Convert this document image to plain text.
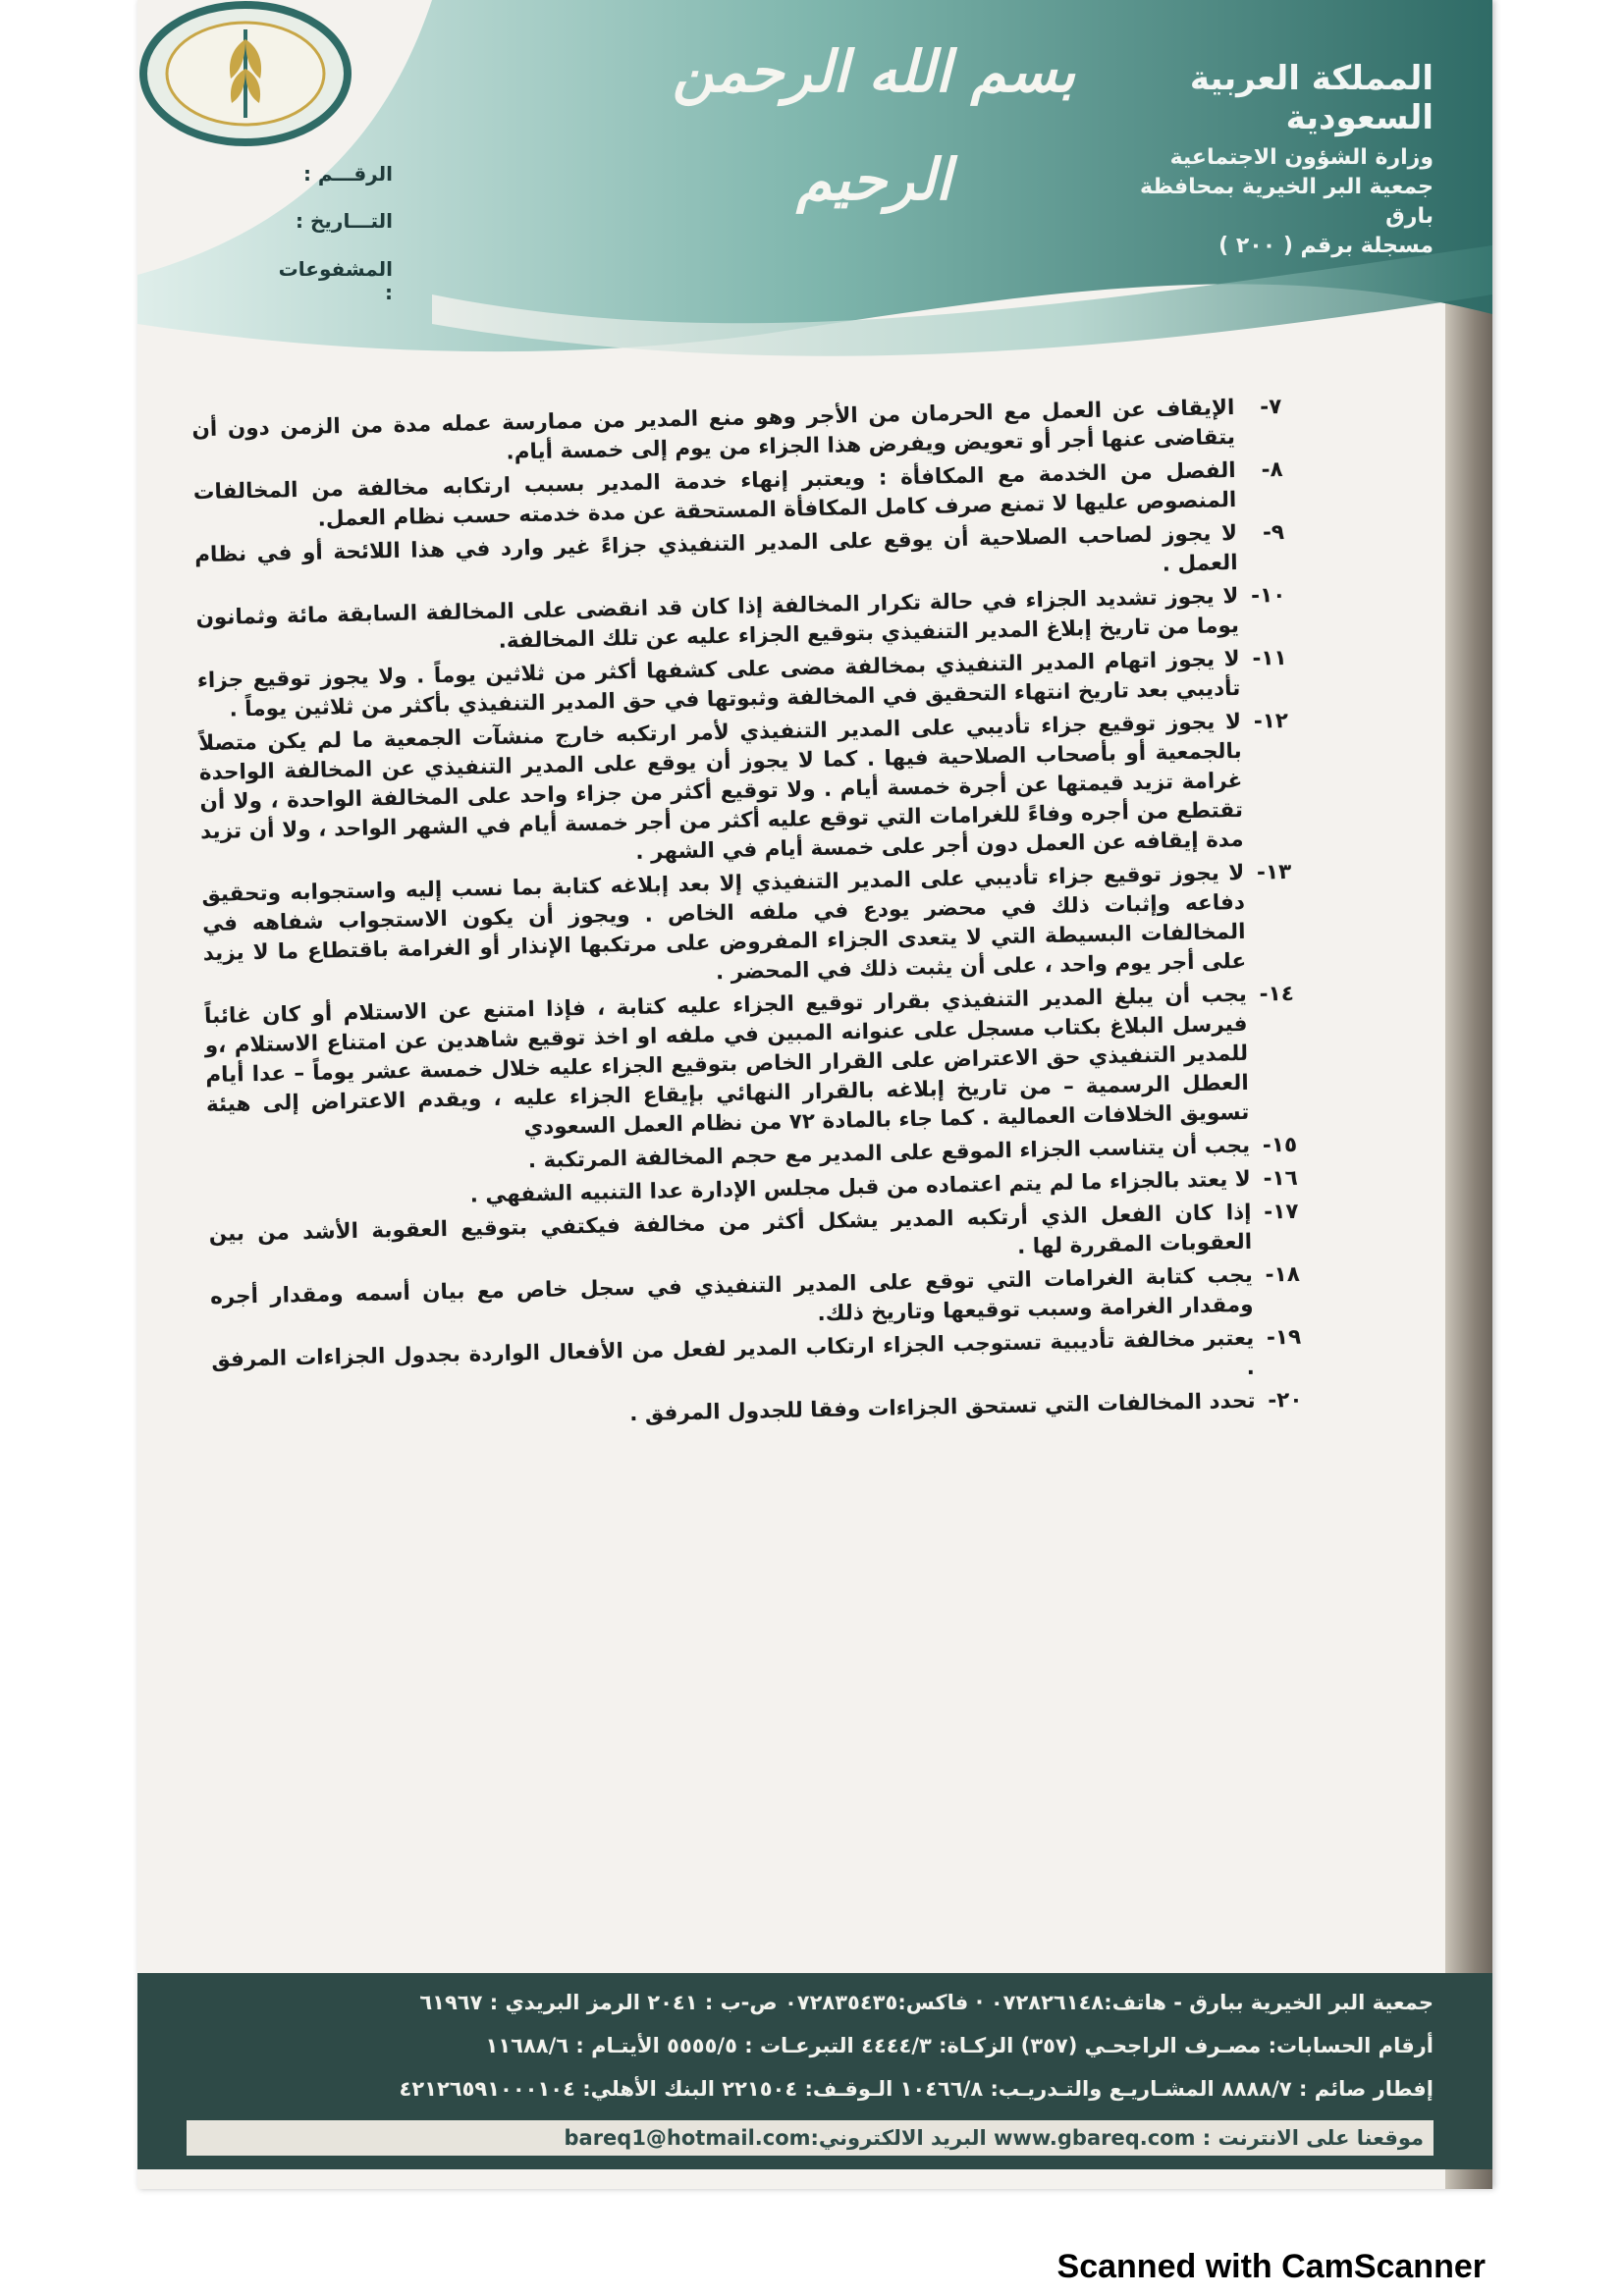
بسم الله الرحمن الرحيم
المملكة العربية السعودية
وزارة الشؤون الاجتماعية
جمعية البر الخيرية بمحافظة بارق
مسجلة برقم ( ٢٠٠ )
الرقـــم :
التـــاريخ :
المشفوعات :
٧-
الإيقاف عن العمل مع الحرمان من الأجر وهو منع المدير من ممارسة عمله مدة من الزمن دون أن يتقاضى عنها أجر أو تعويض ويفرض هذا الجزاء من يوم إلى خمسة أيام.
٨-
الفصل من الخدمة مع المكافأة : ويعتبر إنهاء خدمة المدير بسبب ارتكابه مخالفة من المخالفات المنصوص عليها لا تمنع صرف كامل المكافأة المستحقة عن مدة خدمته حسب نظام العمل.
٩-
لا يجوز لصاحب الصلاحية أن يوقع على المدير التنفيذي جزاءً غير وارد في هذا اللائحة أو في نظام العمل .
١٠-
لا يجوز تشديد الجزاء في حالة تكرار المخالفة إذا كان قد انقضى على المخالفة السابقة مائة وثمانون يوما من تاريخ إبلاغ المدير التنفيذي بتوقيع الجزاء عليه عن تلك المخالفة.
١١-
لا يجوز اتهام المدير التنفيذي بمخالفة مضى على كشفها أكثر من ثلاثين يوماً . ولا يجوز توقيع جزاء تأديبي بعد تاريخ انتهاء التحقيق في المخالفة وثبوتها في حق المدير التنفيذي بأكثر من ثلاثين يوماً . ١٢-
لا يجوز توقيع جزاء تأديبي على المدير التنفيذي لأمر ارتكبه خارج منشآت الجمعية ما لم يكن متصلاً بالجمعية أو بأصحاب الصلاحية فيها . كما لا يجوز أن يوقع على المدير التنفيذي عن المخالفة الواحدة غرامة تزيد قيمتها عن أجرة خمسة أيام . ولا توقيع أكثر من جزاء واحد على المخالفة الواحدة ، ولا أن تقتطع من أجره وفاءً للغرامات التي توقع عليه أكثر من أجر خمسة أيام في الشهر الواحد ، ولا أن تزيد مدة إيقافه عن العمل دون أجر على خمسة أيام في الشهر .
١٣-
لا يجوز توقيع جزاء تأديبي على المدير التنفيذي إلا بعد إبلاغه كتابة بما نسب إليه واستجوابه وتحقيق دفاعه وإثبات ذلك في محضر يودع في ملفه الخاص . ويجوز أن يكون الاستجواب شفاهه في المخالفات البسيطة التي لا يتعدى الجزاء المفروض على مرتكبها الإنذار أو الغرامة باقتطاع ما لا يزيد على أجر يوم واحد ، على أن يثبت ذلك في المحضر .
١٤-
يجب أن يبلغ المدير التنفيذي بقرار توقيع الجزاء عليه كتابة ، فإذا امتنع عن الاستلام أو كان غائباً فيرسل البلاغ بكتاب مسجل على عنوانه المبين في ملفه او اخذ توقيع شاهدين عن امتناع الاستلام ،و للمدير التنفيذي حق الاعتراض على القرار الخاص بتوقيع الجزاء عليه خلال خمسة عشر يوماً – عدا أيام العطل الرسمية – من تاريخ إبلاغه بالقرار النهائي بإيقاع الجزاء عليه ، ويقدم الاعتراض إلى هيئة تسويق الخلافات العمالية . كما جاء بالمادة ٧٢ من نظام العمل السعودي
١٥-
يجب أن يتناسب الجزاء الموقع على المدير مع حجم المخالفة المرتكبة .
١٦-
لا يعتد بالجزاء ما لم يتم اعتماده من قبل مجلس الإدارة عدا التنبيه الشفهي .
١٧-
إذا كان الفعل الذي أرتكبه المدير يشكل أكثر من مخالفة فيكتفي بتوقيع العقوبة الأشد من بين العقوبات المقررة لها .
١٨-
يجب كتابة الغرامات التي توقع على المدير التنفيذي في سجل خاص مع بيان أسمه ومقدار أجره ومقدار الغرامة وسبب توقيعها وتاريخ ذلك.
١٩-
يعتبر مخالفة تأديبية تستوجب الجزاء ارتكاب المدير لفعل من الأفعال الواردة بجدول الجزاءات المرفق .
٢٠-
تحدد المخالفات التي تستحق الجزاءات وفقا للجدول المرفق .
جمعية البر الخيرية ببارق - هاتف:٠٧٢٨٢٦١٤٨ · فاكس:٠٧٢٨٣٥٤٣٥ ص-ب : ٢٠٤١ الرمز البريدي : ٦١٩٦٧
أرقام الحسابات: مصـرف الراجحـي (٣٥٧) الزكـاة: ٤٤٤٤/٣ التبرعـات : ٥٥٥٥/٥ الأيتـام : ١١٦٨٨/٦
إفطار صائم : ٨٨٨٨/٧ المشـاريـع والتـدريـب: ١٠٤٦٦/٨ الـوقـف: ٢٢١٥٠٤ البنك الأهلي: ٤٢١٢٦٥٩١٠٠٠١٠٤
موقعنا على الانترنت : www.gbareq.com البريد الالكتروني:bareq1@hotmail.com
Scanned with CamScanner
